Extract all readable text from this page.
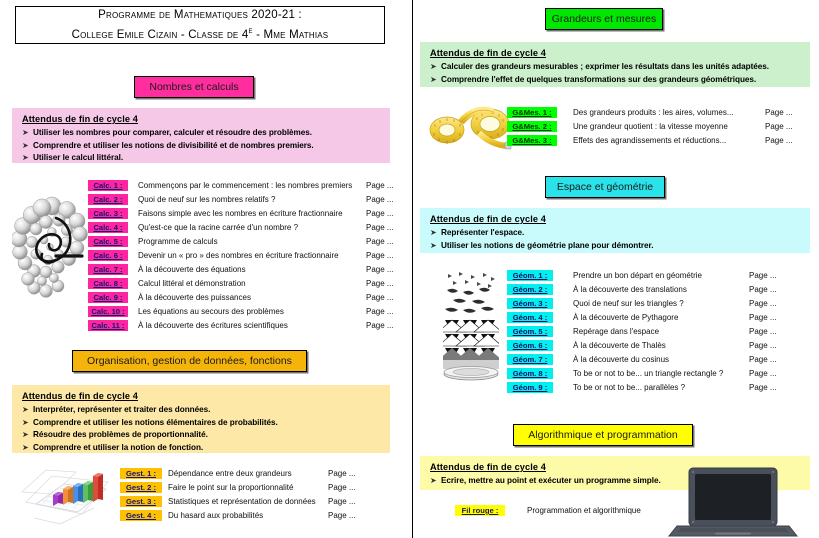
Programme de Mathematiques 2020-21 :
College Emile Cizain - Classe de 4e - Mme Mathias
Nombres et calculs
Attendus de fin de cycle 4
➤ Utiliser les nombres pour comparer, calculer et résoudre des problèmes.
➤ Comprendre et utiliser les notions de divisibilité et de nombres premiers.
➤ Utiliser le calcul littéral.
Calc. 1 :	Commençons par le commencement : les nombres premiers	Page ...
Calc. 2 :	Quoi de neuf sur les nombres relatifs ?	Page ...
Calc. 3 :	Faisons simple avec les nombres en écriture fractionnaire	Page ...
Calc. 4 :	Qu'est-ce que la racine carrée d'un nombre ?	Page ...
Calc. 5 :	Programme de calculs	Page ...
Calc. 6 :	Devenir un « pro » des nombres en écriture fractionnaire	Page ...
Calc. 7 :	À la découverte des équations	Page ...
Calc. 8 :	Calcul littéral et démonstration	Page ...
Calc. 9 :	À la découverte des puissances	Page ...
Calc. 10 :	Les équations au secours des problèmes	Page ...
Calc. 11 :	À la découverte des écritures scientifiques	Page ...
Organisation, gestion de données, fonctions
Attendus de fin de cycle 4
➤ Interpréter, représenter et traiter des données.
➤ Comprendre et utiliser les notions élémentaires de probabilités.
➤ Résoudre des problèmes de proportionnalité.
➤ Comprendre et utiliser la notion de fonction.
Gest. 1 :	Dépendance entre deux grandeurs	Page ...
Gest. 2 :	Faire le point sur la proportionnalité	Page ...
Gest. 3 :	Statistiques et représentation de données	Page ...
Gest. 4 :	Du hasard aux probabilités	Page ...
Grandeurs et mesures
Attendus de fin de cycle 4
➤ Calculer des grandeurs mesurables ; exprimer les résultats dans les unités adaptées.
➤ Comprendre l'effet de quelques transformations sur des grandeurs géométriques.
G&Mes. 1 :	Des grandeurs produits : les aires, volumes...	Page ...
G&Mes. 2 :	Une grandeur quotient : la vitesse moyenne	Page ...
G&Mes. 3 :	Effets des agrandissements et réductions...	Page ...
Espace et géométrie
Attendus de fin de cycle 4
➤ Représenter l'espace.
➤ Utiliser les notions de géométrie plane pour démontrer.
Géom. 1 :	Prendre un bon départ en géométrie	Page ...
Géom. 2 :	À la découverte des translations	Page ...
Géom. 3 :	Quoi de neuf sur les triangles ?	Page ...
Géom. 4 :	À la découverte de Pythagore	Page ...
Géom. 5 :	Repérage dans l'espace	Page ...
Géom. 6 :	À la découverte de Thalès	Page ...
Géom. 7 :	À la découverte du cosinus	Page ...
Géom. 8 :	To be or not to be... un triangle rectangle ?	Page ...
Géom. 9 :	To be or not to be... parallèles ?	Page ...
Algorithmique et programmation
Attendus de fin de cycle 4
➤ Ecrire, mettre au point et exécuter un programme simple.
Fil rouge :	Programmation et algorithmique
